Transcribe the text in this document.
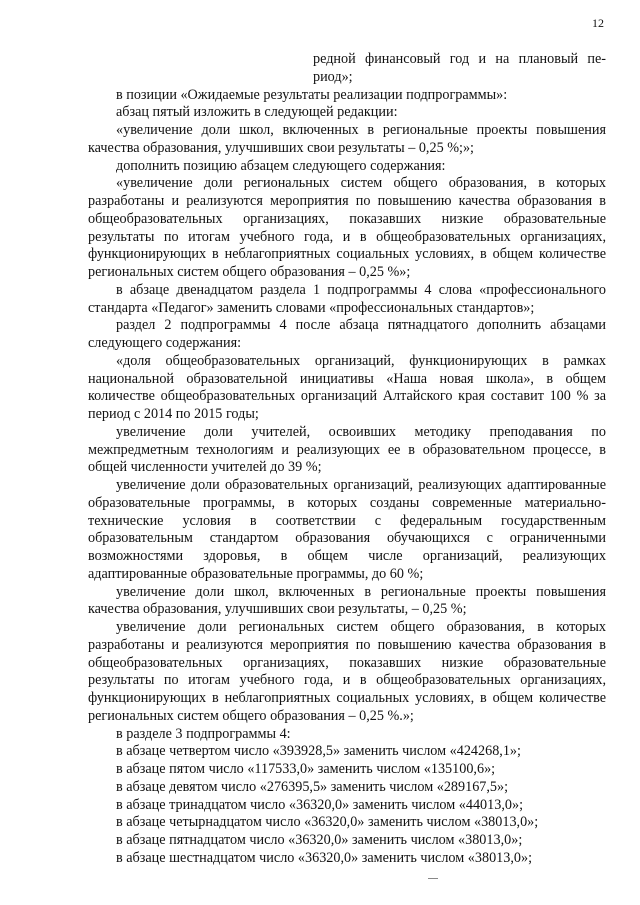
12

редной финансовый год и на плановый пе-

риод»;

в позиции «Ожидаемые результаты реализации подпрограммы»:

абзац пятый изложить в следующей редакции:

«увеличение доли школ, включенных в региональные проекты повышения качества образования, улучшивших свои результаты – 0,25 %;»;

дополнить позицию абзацем следующего содержания:

«увеличение доли региональных систем общего образования, в которых разработаны и реализуются мероприятия по повышению качества образования в общеобразовательных организациях, показавших низкие образовательные результаты по итогам учебного года, и в общеобразовательных организациях, функционирующих в неблагоприятных социальных условиях, в общем количестве региональных систем общего образования – 0,25 %»;

в абзаце двенадцатом раздела 1 подпрограммы 4 слова «профессионального стандарта «Педагог» заменить словами «профессиональных стандартов»;

раздел 2 подпрограммы 4 после абзаца пятнадцатого дополнить абзацами следующего содержания:

«доля общеобразовательных организаций, функционирующих в рамках национальной образовательной инициативы «Наша новая школа», в общем количестве общеобразовательных организаций Алтайского края составит 100 % за период с 2014 по 2015 годы;

увеличение доли учителей, освоивших методику преподавания по межпредметным технологиям и реализующих ее в образовательном процессе, в общей численности учителей до 39 %;

увеличение доли образовательных организаций, реализующих адаптированные образовательные программы, в которых созданы современные материально-технические условия в соответствии с федеральным государственным образовательным стандартом образования обучающихся с ограниченными возможностями здоровья, в общем числе организаций, реализующих адаптированные образовательные программы, до 60 %;

увеличение доли школ, включенных в региональные проекты повышения качества образования, улучшивших свои результаты, – 0,25 %;

увеличение доли региональных систем общего образования, в которых разработаны и реализуются мероприятия по повышению качества образования в общеобразовательных организациях, показавших низкие образовательные результаты по итогам учебного года, и в общеобразовательных организациях, функционирующих в неблагоприятных социальных условиях, в общем количестве региональных систем общего образования – 0,25 %.»;

в разделе 3 подпрограммы 4:

в абзаце четвертом число «393928,5» заменить числом «424268,1»;

в абзаце пятом число «117533,0» заменить числом «135100,6»;

в абзаце девятом число «276395,5» заменить числом «289167,5»;

в абзаце тринадцатом число «36320,0» заменить числом «44013,0»;

в абзаце четырнадцатом число «36320,0» заменить числом «38013,0»;

в абзаце пятнадцатом число «36320,0» заменить числом «38013,0»;

в абзаце шестнадцатом число «36320,0» заменить числом «38013,0»;
